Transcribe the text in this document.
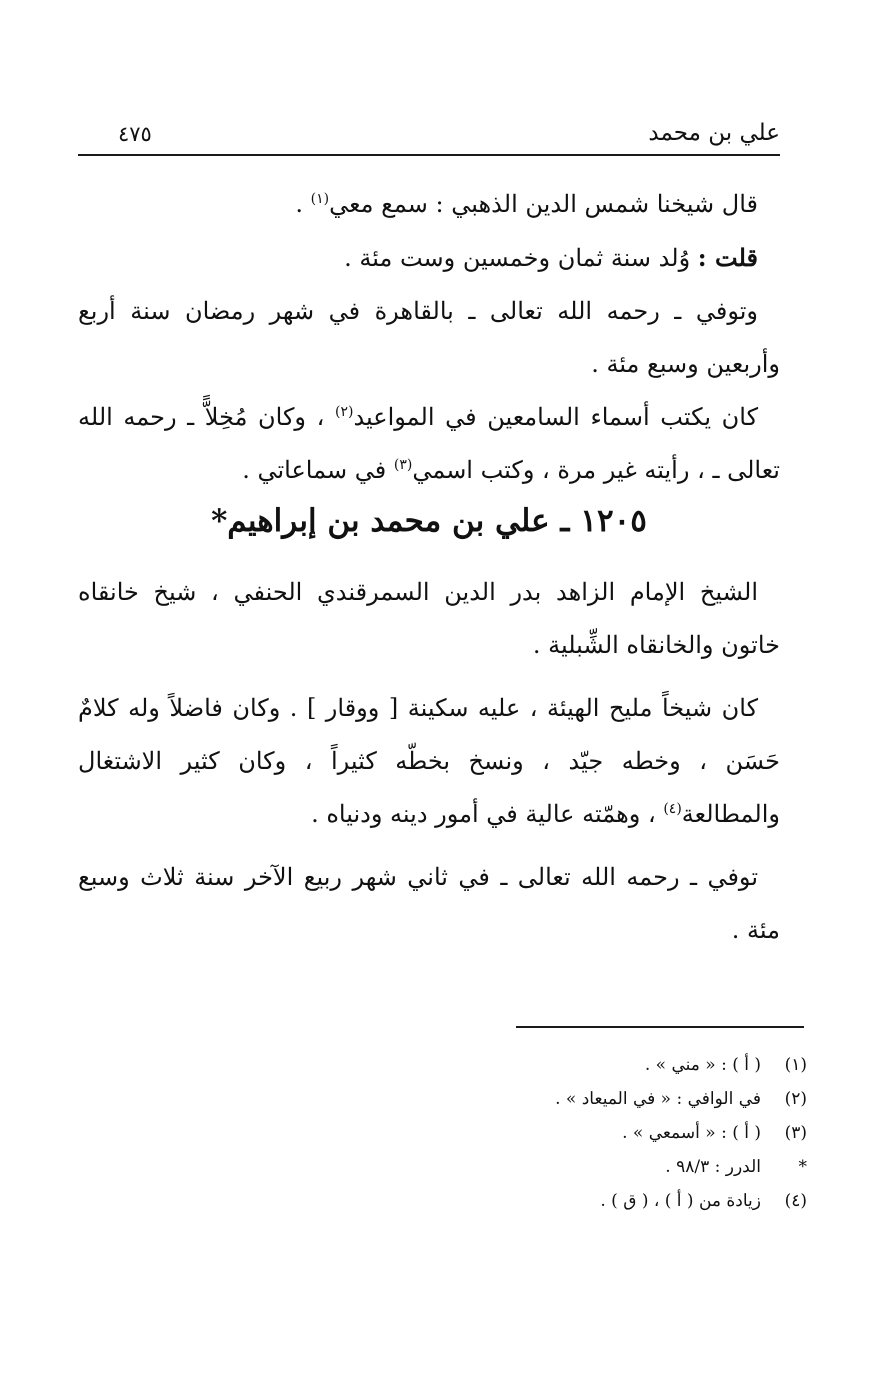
علي بن محمد
٤٧٥

قال شيخنا شمس الدين الذهبي : سمع معي$^{(١)}$ .

قلت : وُلد سنة ثمان وخمسين وست مئة .

وتوفي ـ رحمه الله تعالى ـ بالقاهرة في شهر رمضان سنة أربع وأربعين وسبع مئة .

كان يكتب أسماء السامعين في المواعيد$^{(٢)}$ ، وكان مُخِلاًّ ـ رحمه الله تعالى ـ ، رأيته غير مرة ، وكتب اسمي$^{(٣)}$ في سماعاتي .

١٢٠٥ ـ علي بن محمد بن إبراهيم*

الشيخ الإمام الزاهد بدر الدين السمرقندي الحنفي ، شيخ خانقاه خاتون والخانقاه الشِّبلية .

كان شيخاً مليح الهيئة ، عليه سكينة [ ووقار ] . وكان فاضلاً وله كلامٌ حَسَن ، وخطه جيّد ، ونسخ بخطّه كثيراً ، وكان كثير الاشتغال والمطالعة$^{(٤)}$ ، وهمّته عالية في أمور دينه ودنياه .

توفي ـ رحمه الله تعالى ـ في ثاني شهر ربيع الآخر سنة ثلاث وسبع مئة .

(١)( أ ) : « مني » .
(٢)في الوافي : « في الميعاد » .
(٣)( أ ) : « أسمعي » .
*الدرر : ٩٨/٣ .
(٤)زيادة من ( أ ) ، ( ق ) .
